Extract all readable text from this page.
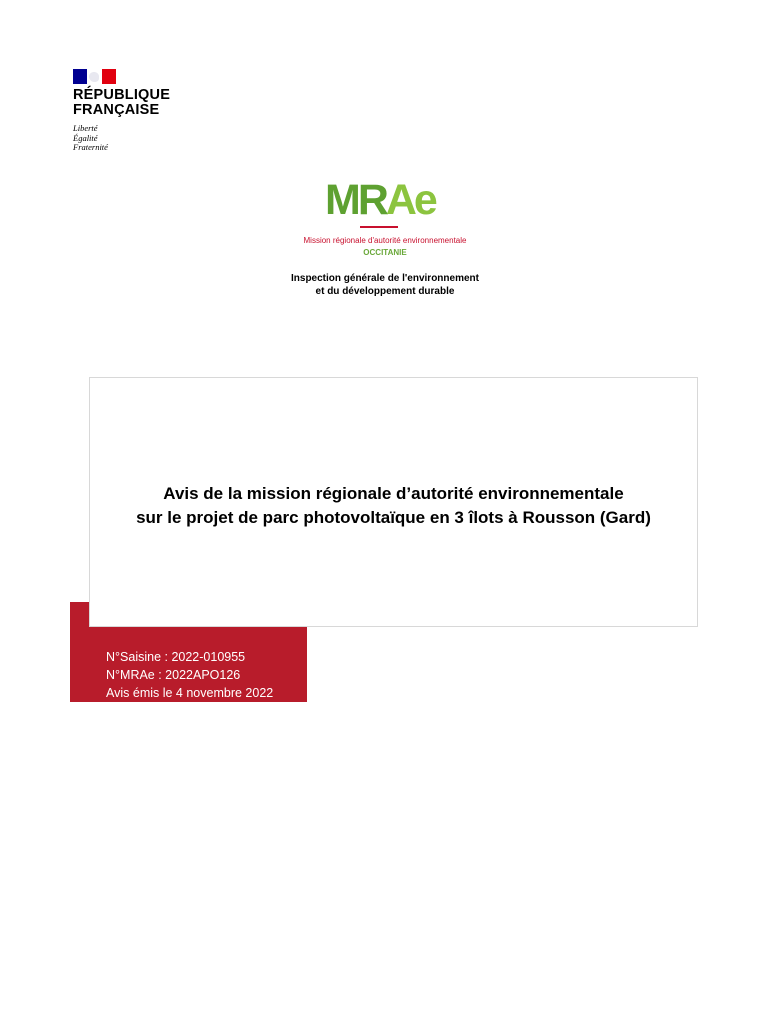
RÉPUBLIQUE
FRANÇAISE
Liberté
Égalité
Fraternité
MRAe
Mission régionale d'autorité environnementale
OCCITANIE
Inspection générale de l'environnement
et du développement durable
Avis de la mission régionale d’autorité environnementale
sur le projet de parc photovoltaïque en 3 îlots à Rousson (Gard)
N°Saisine : 2022-010955
N°MRAe : 2022APO126
Avis émis le 4 novembre 2022
